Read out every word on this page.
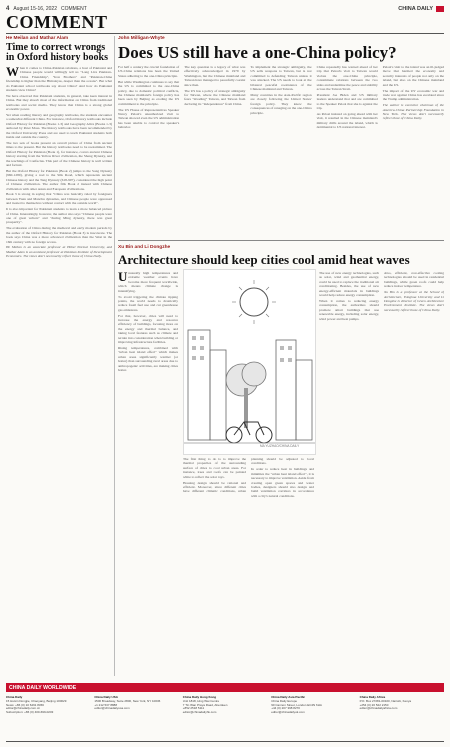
4 August 15-16, 2022 COMMENT	CHINA DAILY
COMMENT
He Meilan and Mathar Alam
Time to correct wrongs in Oxford history books

When it comes to China-Pakistan relations, a host of Pakistani and Chinese people would willingly tell us "Long Live Pakistan-China Friendship", "Iron Brothers" and "Pakistan-China friendship is higher than the Himalayas, deeper than the oceans". But what do Pakistani school textbooks say about China? And how do Pakistani students view China?

We have observed that Pakistani students, in general, take keen interest in China. But they absorb most of the information on China from traditional textbooks and social media. They know that China is a strong global economic power.

Yet when reading literary and geography textbooks, the students encounter a somewhat different China. For instance, Oxford history textbooks include Oxford History for Pakistan (Books 1-3) and Geography Alive (Books 1-3) authored by Peter Moss. The history textbooks have been recommended by the Oxford University Press and are used to teach Pakistani students both inside and outside the country.

The two sets of books present an overall picture of China from ancient times to the present. But the history textbooks need to be reexamined. The Oxford History for Pakistan (Book 1), for instance, covers ancient Chinese history starting from the Yellow River civilization, the Shang Dynasty, and the teachings of Confucius. This part of the Chinese history is well written and factual.

But the Oxford History for Pakistan (Book 2) jumps to the Song Dynasty (960-1280), giving a nod to the Silk Road, which represents ancient Chinese history and the Tang Dynasty (618-907), considered the high point of Chinese civilization. The author fills Book 2 instead with Chinese civilization with other Asian and European civilizations.

Book 3 is strong in saying that "China was basically ruled by foreigners between Yuan and Manchu dynasties, and Chinese people were oppressed and treated to themselves without contact with the outside world".

It is also important for Pakistani students to learn a more balanced picture of China. Interestingly, however, the author also says "Chinese people were one of great writers" and "during Ming dynasty, there was great prosperity".

The evaluation of China during the medieval and early modern periods by the author of the Oxford History for Pakistan (Book 3) is inaccurate. The book says China was a more advanced civilization than the West in the 16th century with no foreign access.

He Meilan is an associate professor at Hebei Normal University, and Mathar Alam is an assistant professor at Pakistan Institute of Development Economics. The views don't necessarily reflect those of China Daily.

John Milligan-Whyte
Does US still have a one-China policy?

For half a century the crucial foundation of US-China relations has been the United States adhering to the one-China principle.

But while Washington continues to say that the US is committed to the one-China policy, due to domestic political conflicts, the Chinese mainland's foreign policy has been seen by Beijing as eroding the US commitment to the principle.

The US House of Representatives Speaker Nancy Pelosi's unauthorized visit to Taiwan showed even the US administration has been unable to control the speaker's behavior.

The key question is a legacy of what was effectively acknowledged in 1979 by Washington, but the Chinese mainland and Taiwan have managed to peacefully coexist since then.

The US has a policy of strategic ambiguity for Taiwan, where the Chinese mainland fears "invading" Taiwan, and Taiwan from declaring its "independence" from China.

To implement the strategic ambiguity, the US sells weapons to Taiwan, but is not committed to defending Taiwan unless it was attacked. The US needs to look at the bilateral peaceful coexistence of the Chinese mainland and Taiwan.

Many countries in the Asia-Pacific region are closely following the United States' foreign policy. They know the consequences of reneging on the one-China principle.

China repeatedly has warned ahead of her trip that Pelosi's visit to Taiwan would violate the one-China principle, contaminate relations between the two sides and undermine the peace and stability across the Taiwan Strait.

President Joe Biden and US military leaders understand that and are committed to the Speaker Pelosi that she is against the trip.

As Pelosi insisted on going ahead with her visit, it resulted in the Chinese mainland's military drills around the island, which is detrimental to US national interest.

Pelosi's visit to the island was an ill-judged move that harmed the economy and security interests of people not only on the island, but also on the Chinese mainland and the US.

The impact of the US' economic war and trade war against China has escalated since the Trump administration.

The author is executive chairman of the America-China Partnership Foundation in New York. The views don't necessarily reflect those of China Daily.

Xu Bin and Li Dongzhe
Architecture should keep cities cool amid heat waves

Unusually high temperatures and extreme weather events have become more frequent worldwide, which means climate change is intensifying.

To avoid triggering the climate tipping points, the world needs to drastically reduce fossil fuel use and cut greenhouse gas emissions.

For that, however, cities will need to increase the energy and resource efficiency of buildings, focusing more on the energy and thermal balance, and taking local features such as climate and terrain into consideration when building or improving infrastructure facilities.

Rising temperatures, combined with "urban heat island effect" which makes urban areas significantly warmer (or hotter) than surrounding rural areas due to anthropogenic activities, are making cities hotter.

MA YUZHAO/CHINA DAILY

The first thing to do is to improve the thermal properties of the surrounding surface of cities to cool urban areas. For instance, trees and roofs can be painted white to reflect the solar rays.

Housing design should be rational and efficient. Moreover, since different cities have different climatic conditions, urban planning should be adjusted to local conditions.

In order to reduce heat in buildings and minimize the "urban heat island effect", it is necessary to improve ventilation. Aside from creating open green spaces and water bodies, designers should also design and build ventilation corridors in accordance with a city's natural conditions.

The use of new energy technologies, such as solar, wind and geothermal energy, could be used to replace the traditional air conditioning. Besides, the use of new energy-efficient materials in buildings would help reduce energy consumption.

When it comes to reducing energy consumption, the authorities should promote smart buildings that use renewable energy, including solar energy, wind power and heat pumps.

Also, efficient, cost-effective cooling technologies should be used in residential buildings, while green roofs could help reduce indoor temperature.

Xu Bin is a professor at the School of Architecture, Tsinghua University and Li Dongzhe is director of Green Architecture Environment Institute. The views don't necessarily reflect those of China Daily.

CHINA DAILY WORLDWIDE
China Daily
15 Huixin Dongjie, Chaoyang, Beijing 100029
News: +86 (0) 10 6491 8366
editor@chinadaily.com.cn
Subscription: +86 (0) 400-699-0203
China Daily USA
1500 Broadway, Suite 2800, New York, NY 10036
+1 212 537 8888
editor@chinadailyusa.com
China Daily Hong Kong
Unit 1818, Hing Wai Centre
7 Tin Wan Praya Road, Aberdeen
+852 2518 5111
editor@chinadailyhk.com
China Daily Asia Pacific
China Daily Europe
90 Cannon Street, London EC4N 6HA
+44 (0) 207 398 8270
editor@chinadailyuk.com
China Daily Africa
P.O. Box 27281-00100, Nairobi, Kenya
+254 (0) 20 522 2150
editor@chinadailyafrica.com
